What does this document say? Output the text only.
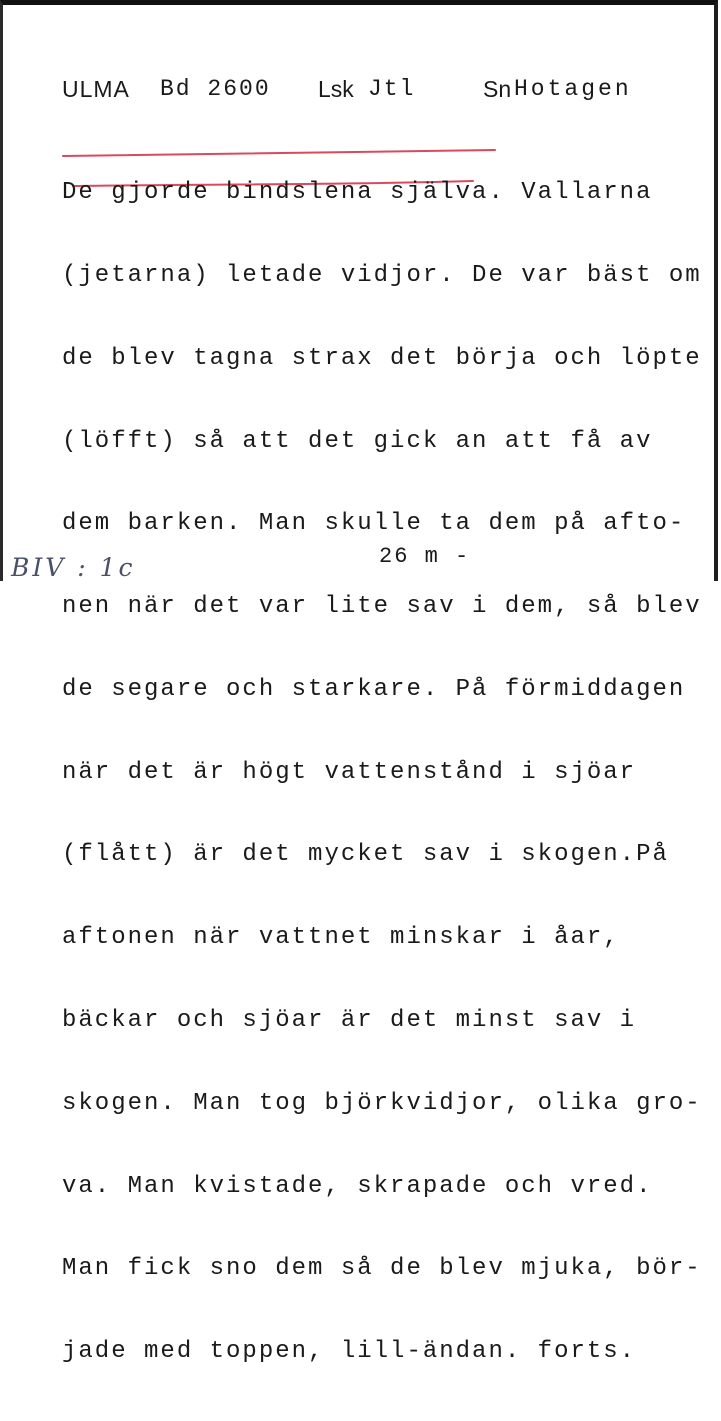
ULMA Bd 2600 Lsk Jtl	Sn Hotagen

De gjorde bindslena själva. Vallarna

(jetarna) letade vidjor. De var bäst om

de blev tagna strax det börja och löpte

(löfft) så att det gick an att få av

dem barken. Man skulle ta dem på afto-

nen när det var lite sav i dem, så blev

de segare och starkare. På förmiddagen

när det är högt vattenstånd i sjöar

(flått) är det mycket sav i skogen.På

aftonen när vattnet minskar i åar,

bäckar och sjöar är det minst sav i

skogen. Man tog björkvidjor, olika gro-

va. Man kvistade, skrapade och vred.

Man fick sno dem så de blev mjuka, bör-

jade med toppen, lill-ändan. forts.

26 m -
BIV : 1c
